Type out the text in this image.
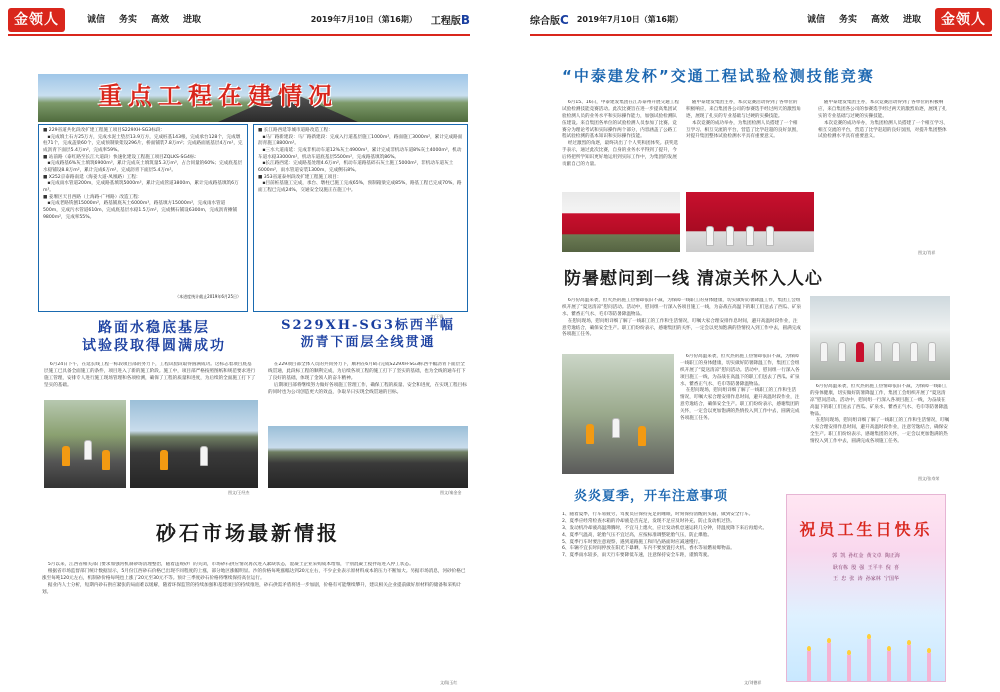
金领人	诚信 务实 高效 进取	2019年7月10日（第16期） 工程版B
重点工程在建情况
■ 229省道共化段改扩建工程施工项目S229XH-SG3标段：
▪完成填土石方25万方，完成水泥土垫层13.9万方，完成桩基143根，完成承台128个，完成墩柱71个，完成盖梁60个，完成预制梁架设296片，桥面铺装7.8万m²；完成路面底基层4万m²，完成沥青下面层5.4万m²，完成率59%。
■ 站前路（泰红路至长江大道段）快速化建设工程施工项目ZQLKS-SG4标：
▪完成路基6%灰土填筑6900m³，累计完成灰土填筑量5.3万m³，占合同量的60%；完成底基层水稳铺设8.8万m²，累计完成6万m²，完成沥青下面层5.4万m²。
■ X252京泰路南延（海姜大道-凤凰路）工程：
▪完成雨水管道200m，完成路基填筑5000m³，累计完成管道3800m，累计完成路基填筑6万m³。
■ 姜堰区天目西路（上海路-广州路）改造工程：
▪完成老路铣刨15000m²，路基铺底灰土6000m³，路基填方15000m²，完成雨水管道500m，完成污水管道610m，完成底基层水稳1.5万m²，完成侧石铺设6300m，完成沥青摊铺9800m²，完成率55%。
（本进度统计截止2019年6月25日）
■ 长江路西延等城市道路改造工程：
▪马厂路新建段：马厂路新建段：完成入行道基层施工1000m²，路面施工3000m²，累计完成路面沥青施工8800m²。
▪三水大道南延：完成非机动车道12%灰土4900m³，累计完成非机动车道8%灰土4000m³，机动车道水稳33000m²，机动车道底基层5500m²，完成路基填筑86%。
▪长江路西延：完成路基处理4.6万m²，机动车道路基碎石灰土施工5000m²，非机动车道灰土6000m²，雨水管道安装1300m，完成侧石8%。
■ 353省道泰州段改扩建工程施工项目：
▪目前桩基施工完成，承台、墩柱已施工完成65%，预制箱梁完成85%，路基工程已完成70%，路面工程已完成24%，交通安全设施正在施工中。
文/王锋
路面水稳底基层
试验段取得圆满成功
6月24日下午，在延长线工程一标段项目部的努力下，工程试验段取得圆满成功。这标志着项目底基层施工已具备全面施工的条件，项目进入了新的施工阶段。施工中，项目部严格按照图纸和规范要求进行施工管理，安排专人进行施工现场管理和各项检测，确保了工程的质量和进度，为后续的全面施工打下了坚实的基础。
图文/王经杰
S229XH-SG3标西半幅
沥青下面层全线贯通
在229项目部全体人员的共同努力下，顺利在6月8日完成S229XH-SG3标西半幅沥青下面层全线贯通，此段标工程的顺利完成，为后续各项工程的施工打下了坚实的基础，也为全线的通车打下了良好的基础，体现了金领人的奋斗精神。
后期项目部将继续努力做好各项施工管理工作，确保工程的质量、安全和进度，在实现工程目标的同时也为公司创造更大的效益，争取早日实现全线贯通的目标。
图文/秦金金
砂石市场最新情报
5月以来，江西省相关部门要求加强河机制砂场清理整治，随着违规砂厂的关闭，市场砂石供应情况再次进入紧缺状态，混凝土企业采购成本增加，个别混凝土搅拌站进入停工状态。
根据省市场监督部门统计数据显示，5月份江西砂石价格已出现不同程度的上涨，部分地区涨幅明显。沙的价格每吨涨幅达到20元左右，不少企业表示原材料成本的压力不断加大。另据市场消息，河砂价格已涨至每吨120元左右，机制砂价格每吨也上涨了20元至30元不等。预计三季度砂石价格将继续保持高位运行。
据业内人士分析，短期内砂石供应紧张的局面难以缓解，随着环保监管的持续加强和基建项目的持续推进，砂石供需矛盾将进一步加剧，价格有可能继续攀升，建议相关企业提前做好原材料的储备和采购计划。
文/陆玉红
综合版C 2019年7月10日（第16期）	诚信 务实 高效 进取	金领人
“中泰建发杯”交通工程试验检测技能竞赛
6月15、16日，中泰建发集团在江苏泰州开展交通工程试验检测技能竞赛活动。此次比赛旨在进一步提高集团试验检测人员的业务水平和实际操作能力，加强试验检测队伍建设。来自集团各单位的试验检测人员参加了比赛。竞赛分为理论考试和实际操作两个部分，内容涵盖了公路工程试验检测的基本知识和实际操作技能。
经过激烈的角逐，最终决出了个人奖和团体奖。获奖选手表示，通过此次比赛，自身的业务水平得到了提升，今后将把所学知识更好地运用到实际工作中，为集团的发展贡献自己的力量。
随中泰建发集团主办，本次竞赛活动得到了各单位的积极响应，来自集团各公司的参赛选手经过两天的激烈角逐，展现了扎实的专业基础与过硬的实操技能。
本次竞赛的成功举办，为集团检测人员搭建了一个相互学习、相互交流的平台，营造了比学赶超的良好氛围，对提升集团整体试验检测水平具有重要意义。
随中泰建发集团主办，本次竞赛活动得到了各单位的积极响应，来自集团各公司的参赛选手经过两天的激烈角逐，展现了扎实的专业基础与过硬的实操技能。
本次竞赛的成功举办，为集团检测人员搭建了一个相互学习、相互交流的平台，营造了比学赶超的良好氛围，对提升集团整体试验检测水平具有重要意义。
图文/肖祥
防暑慰问到一线 清凉关怀入人心
6月份高温来袭，但火热的施工热情却依旧不减，为保障一线职工的身体健康，切实做好防暑降温工作，集团工会组织开展了“夏送清凉”慰问活动。活动中，慰问组一行深入各项目施工一线，为奋战在高温下的职工们送去了西瓜、矿泉水、藿香正气水、毛巾等防暑降温物品。
在慰问现场，慰问组详细了解了一线职工的工作和生活情况，叮嘱大家合理安排作息时间，避开高温时段作业，注意劳逸结合，确保安全生产。职工们纷纷表示，感谢集团的关怀，一定会以更加饱满的热情投入到工作中去，圆满完成各项施工任务。
6月份高温来袭，但火热的施工热情却依旧不减，为保障一线职工的身体健康，切实做好防暑降温工作，集团工会组织开展了“夏送清凉”慰问活动。活动中，慰问组一行深入各项目施工一线，为奋战在高温下的职工们送去了西瓜、矿泉水、藿香正气水、毛巾等防暑降温物品。
在慰问现场，慰问组详细了解了一线职工的工作和生活情况，叮嘱大家合理安排作息时间，避开高温时段作业，注意劳逸结合，确保安全生产。职工们纷纷表示，感谢集团的关怀，一定会以更加饱满的热情投入到工作中去，圆满完成各项施工任务。
6月份高温来袭，但火热的施工热情却依旧不减，为保障一线职工的身体健康，切实做好防暑降温工作，集团工会组织开展了“夏送清凉”慰问活动。活动中，慰问组一行深入各项目施工一线，为奋战在高温下的职工们送去了西瓜、矿泉水、藿香正气水、毛巾等防暑降温物品。
在慰问现场，慰问组详细了解了一线职工的工作和生活情况，叮嘱大家合理安排作息时间，避开高温时段作业，注意劳逸结合，确保安全生产。职工们纷纷表示，感谢集团的关怀，一定会以更加饱满的热情投入到工作中去，圆满完成各项施工任务。
图文/张寿荣
炎炎夏季，开车注意事项
1、随着夏季，行车易疲劳，驾驶员应保持充足的睡眠，时刻保持清醒的头脑，做到安全行车。
2、夏季应经常检查水箱的冷却液是否充足，发现不足应及时补充，防止发动机过热。
3、发动机冷却液高温沸腾时，不宜马上熄火，应让发动机怠速运转几分钟，待温度降下来后再熄火。
4、夏季气温高，轮胎气压不宜过高，应按标准调整轮胎气压，防止爆胎。
5、夏季行车时要注意观察，遇到道路施工和凹凸路面时应减速慢行。
6、车辆不宜长时间停放在阳光下暴晒，车内不要放置打火机、香水等易燃易爆物品。
7、夏季雨水较多，雨天行车要降低车速，注意保持安全车距，谨慎驾驶。
文/刘德祥
祝员工生日快乐
郭  凯  孙红金  黄文卓  陶正海
耿有栋  殷  强  王平丰  倪  喜
王  忠  张  涛  孙家林  宁国华
